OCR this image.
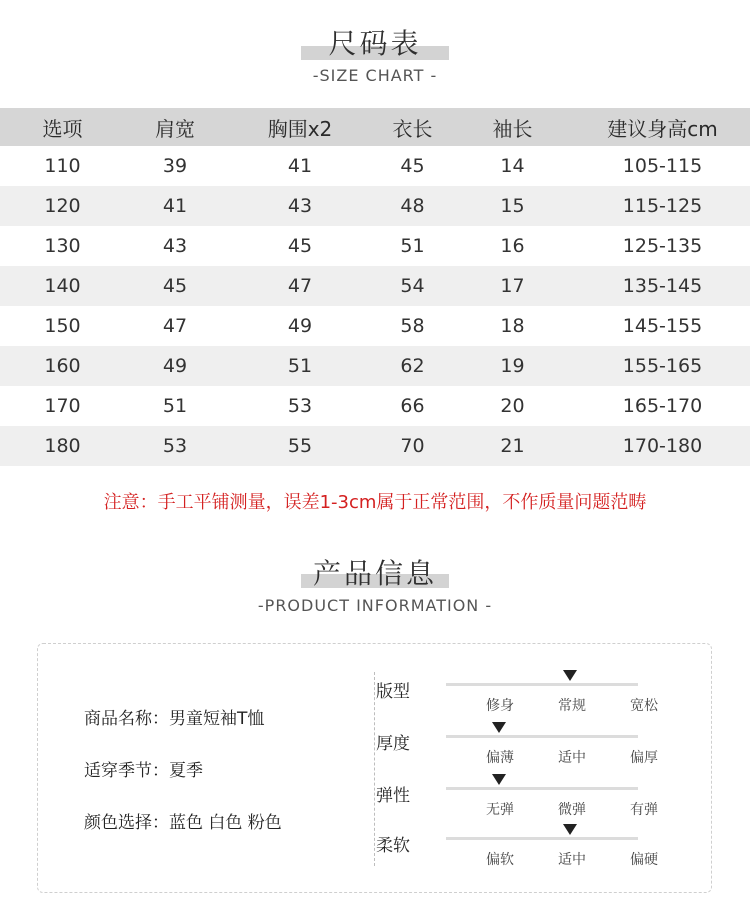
尺码表
-SIZE CHART -
选项	肩宽	胸围x2	衣长	袖长	建议身高cm
110	39	41	45	14	105-115
120	41	43	48	15	115-125
130	43	45	51	16	125-135
140	45	47	54	17	135-145
150	47	49	58	18	145-155
160	49	51	62	19	155-165
170	51	53	66	20	165-170
180	53	55	70	21	170-180
注意：手工平铺测量，误差1-3cm属于正常范围，不作质量问题范畴
产品信息
-PRODUCT INFORMATION -
商品名称：男童短袖T恤
适穿季节：夏季
颜色选择：蓝色 白色 粉色
版型
修身	常规	宽松
厚度
偏薄	适中	偏厚
弹性
无弹	微弹	有弹
柔软
偏软	适中	偏硬
